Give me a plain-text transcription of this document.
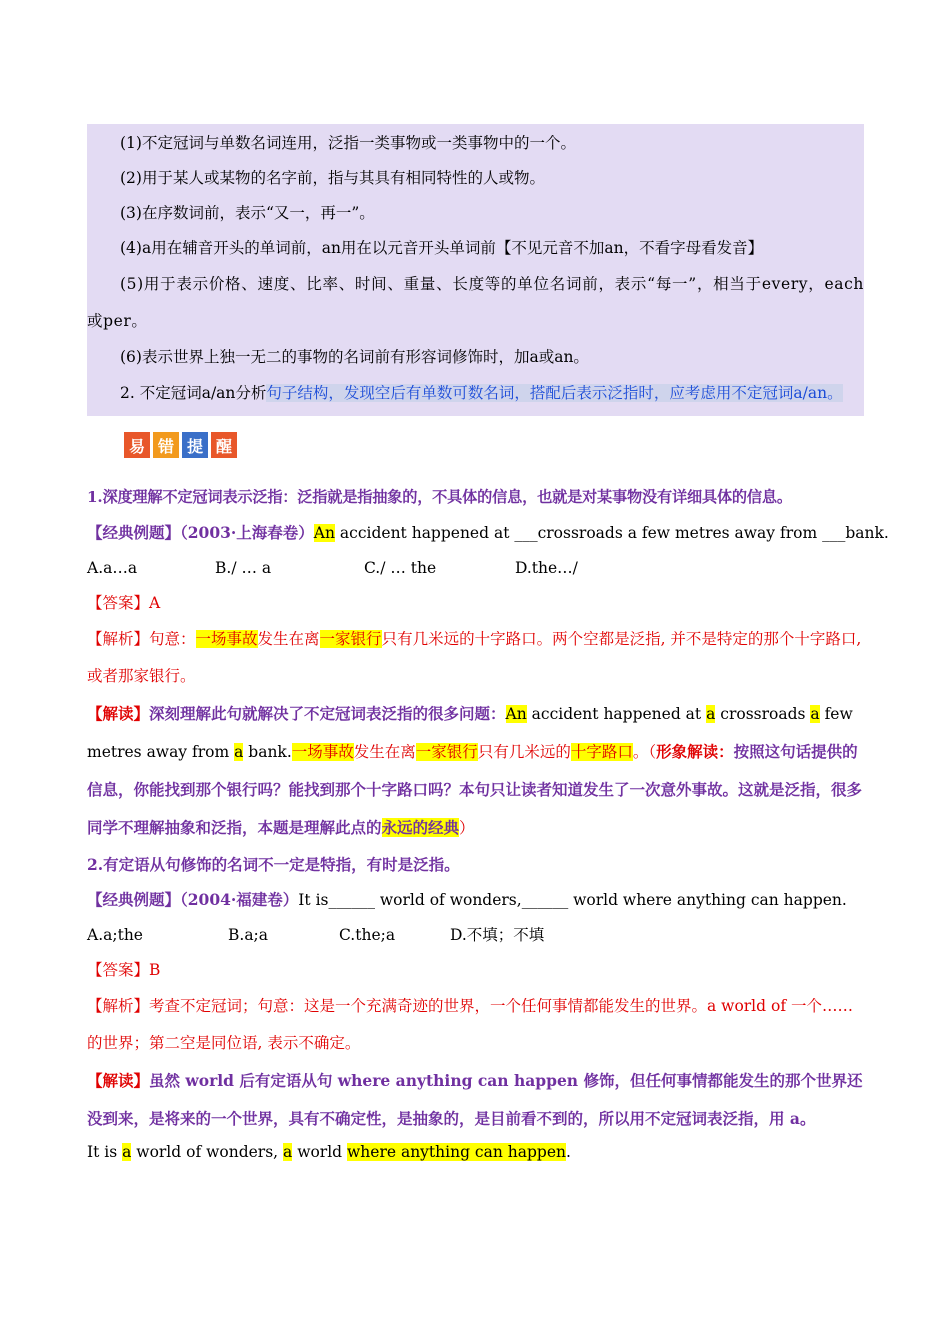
(1)不定冠词与单数名词连用，泛指一类事物或一类事物中的一个。

(2)用于某人或某物的名字前，指与其具有相同特性的人或物。

(3)在序数词前，表示“又一，再一”。

(4)a用在辅音开头的单词前，an用在以元音开头单词前【不见元音不加an，不看字母看发音】

(5)用于表示价格、速度、比率、时间、重量、长度等的单位名词前，表示“每一”，相当于every，each或per。

(6)表示世界上独一无二的事物的名词前有形容词修饰时，加a或an。

2. 不定冠词a/an分析句子结构，发现空后有单数可数名词，搭配后表示泛指时，应考虑用不定冠词a/an。

易 错 提 醒

1.深度理解不定冠词表示泛指：泛指就是指抽象的，不具体的信息，也就是对某事物没有详细具体的信息。

【经典例题】（2003·上海春卷）An accident happened at ___crossroads a few metres away from ___bank.

A.a…a	B./ … a	C./ … the	D.the…/

【答案】A

【解析】句意：一场事故发生在离一家银行只有几米远的十字路口。两个空都是泛指, 并不是特定的那个十字路口, 或者那家银行。

【解读】深刻理解此句就解决了不定冠词表泛指的很多问题：An accident happened at a crossroads a few metres away from a bank.一场事故发生在离一家银行只有几米远的十字路口。（形象解读：按照这句话提供的信息，你能找到那个银行吗？能找到那个十字路口吗？本句只让读者知道发生了一次意外事故。这就是泛指，很多同学不理解抽象和泛指，本题是理解此点的永远的经典）

2.有定语从句修饰的名词不一定是特指，有时是泛指。

【经典例题】（2004·福建卷）It is______ world of wonders,______ world where anything can happen.

A.a;the	B.a;a	C.the;a	D.不填；不填

【答案】B

【解析】考查不定冠词；句意：这是一个充满奇迹的世界，一个任何事情都能发生的世界。a world of 一个……的世界；第二空是同位语, 表示不确定。

【解读】虽然 world 后有定语从句 where anything can happen 修饰，但任何事情都能发生的那个世界还没到来，是将来的一个世界，具有不确定性，是抽象的，是目前看不到的，所以用不定冠词表泛指，用 a。

It is a world of wonders, a world where anything can happen.
